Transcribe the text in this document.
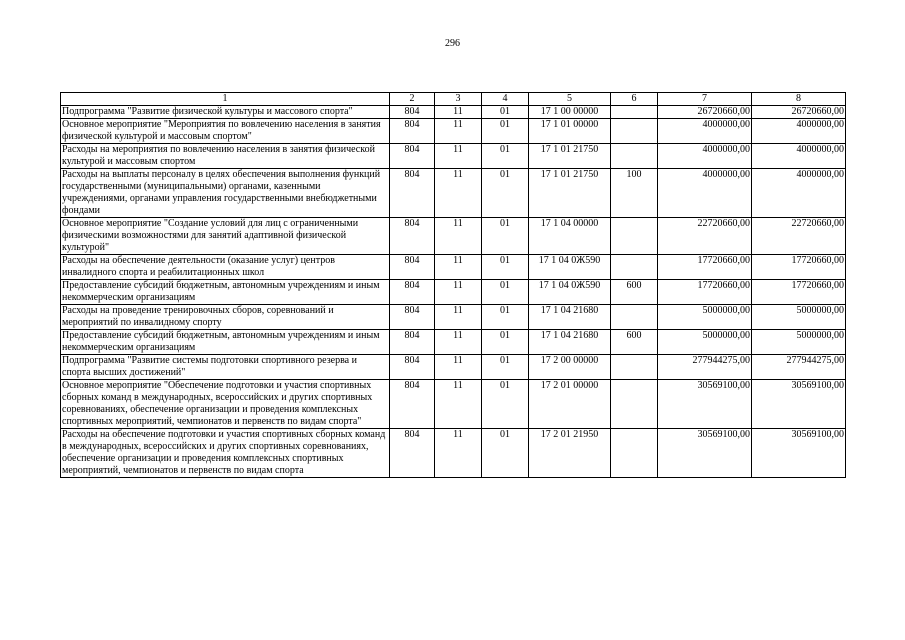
296
1	2	3	4	5	6	7	8
Подпрограмма "Развитие физической культуры и массового спорта"	804	11	01	17 1 00 00000		26720660,00	26720660,00
Основное мероприятие "Мероприятия по вовлечению населения в занятия физической культурой и массовым спортом"	804	11	01	17 1 01 00000		4000000,00	4000000,00
Расходы на мероприятия по вовлечению населения в занятия физической культурой и массовым спортом	804	11	01	17 1 01 21750		4000000,00	4000000,00
Расходы на выплаты персоналу в целях обеспечения выполнения функций государственными (муниципальными) органами, казенными учреждениями, органами управления государственными внебюджетными фондами	804	11	01	17 1 01 21750	100	4000000,00	4000000,00
Основное мероприятие "Создание условий для лиц с ограниченными физическими возможностями для занятий адаптивной физической культурой"	804	11	01	17 1 04 00000		22720660,00	22720660,00
Расходы на обеспечение деятельности (оказание услуг) центров инвалидного спорта и реабилитационных школ	804	11	01	17 1 04 0Ж590		17720660,00	17720660,00
Предоставление субсидий бюджетным, автономным учреждениям и иным некоммерческим организациям	804	11	01	17 1 04 0Ж590	600	17720660,00	17720660,00
Расходы на проведение тренировочных сборов, соревнований и мероприятий по инвалидному спорту	804	11	01	17 1 04 21680		5000000,00	5000000,00
Предоставление субсидий бюджетным, автономным учреждениям и иным некоммерческим организациям	804	11	01	17 1 04 21680	600	5000000,00	5000000,00
Подпрограмма "Развитие системы подготовки спортивного резерва и спорта высших достижений"	804	11	01	17 2 00 00000		277944275,00	277944275,00
Основное мероприятие "Обеспечение подготовки и участия спортивных сборных команд в международных, всероссийских и других спортивных соревнованиях, обеспечение организации и проведения комплексных спортивных мероприятий, чемпионатов и первенств по видам спорта"	804	11	01	17 2 01 00000		30569100,00	30569100,00
Расходы на обеспечение подготовки и участия спортивных сборных команд в международных, всероссийских и других спортивных соревнованиях, обеспечение организации и проведения комплексных спортивных мероприятий, чемпионатов и первенств по видам спорта	804	11	01	17 2 01 21950		30569100,00	30569100,00
